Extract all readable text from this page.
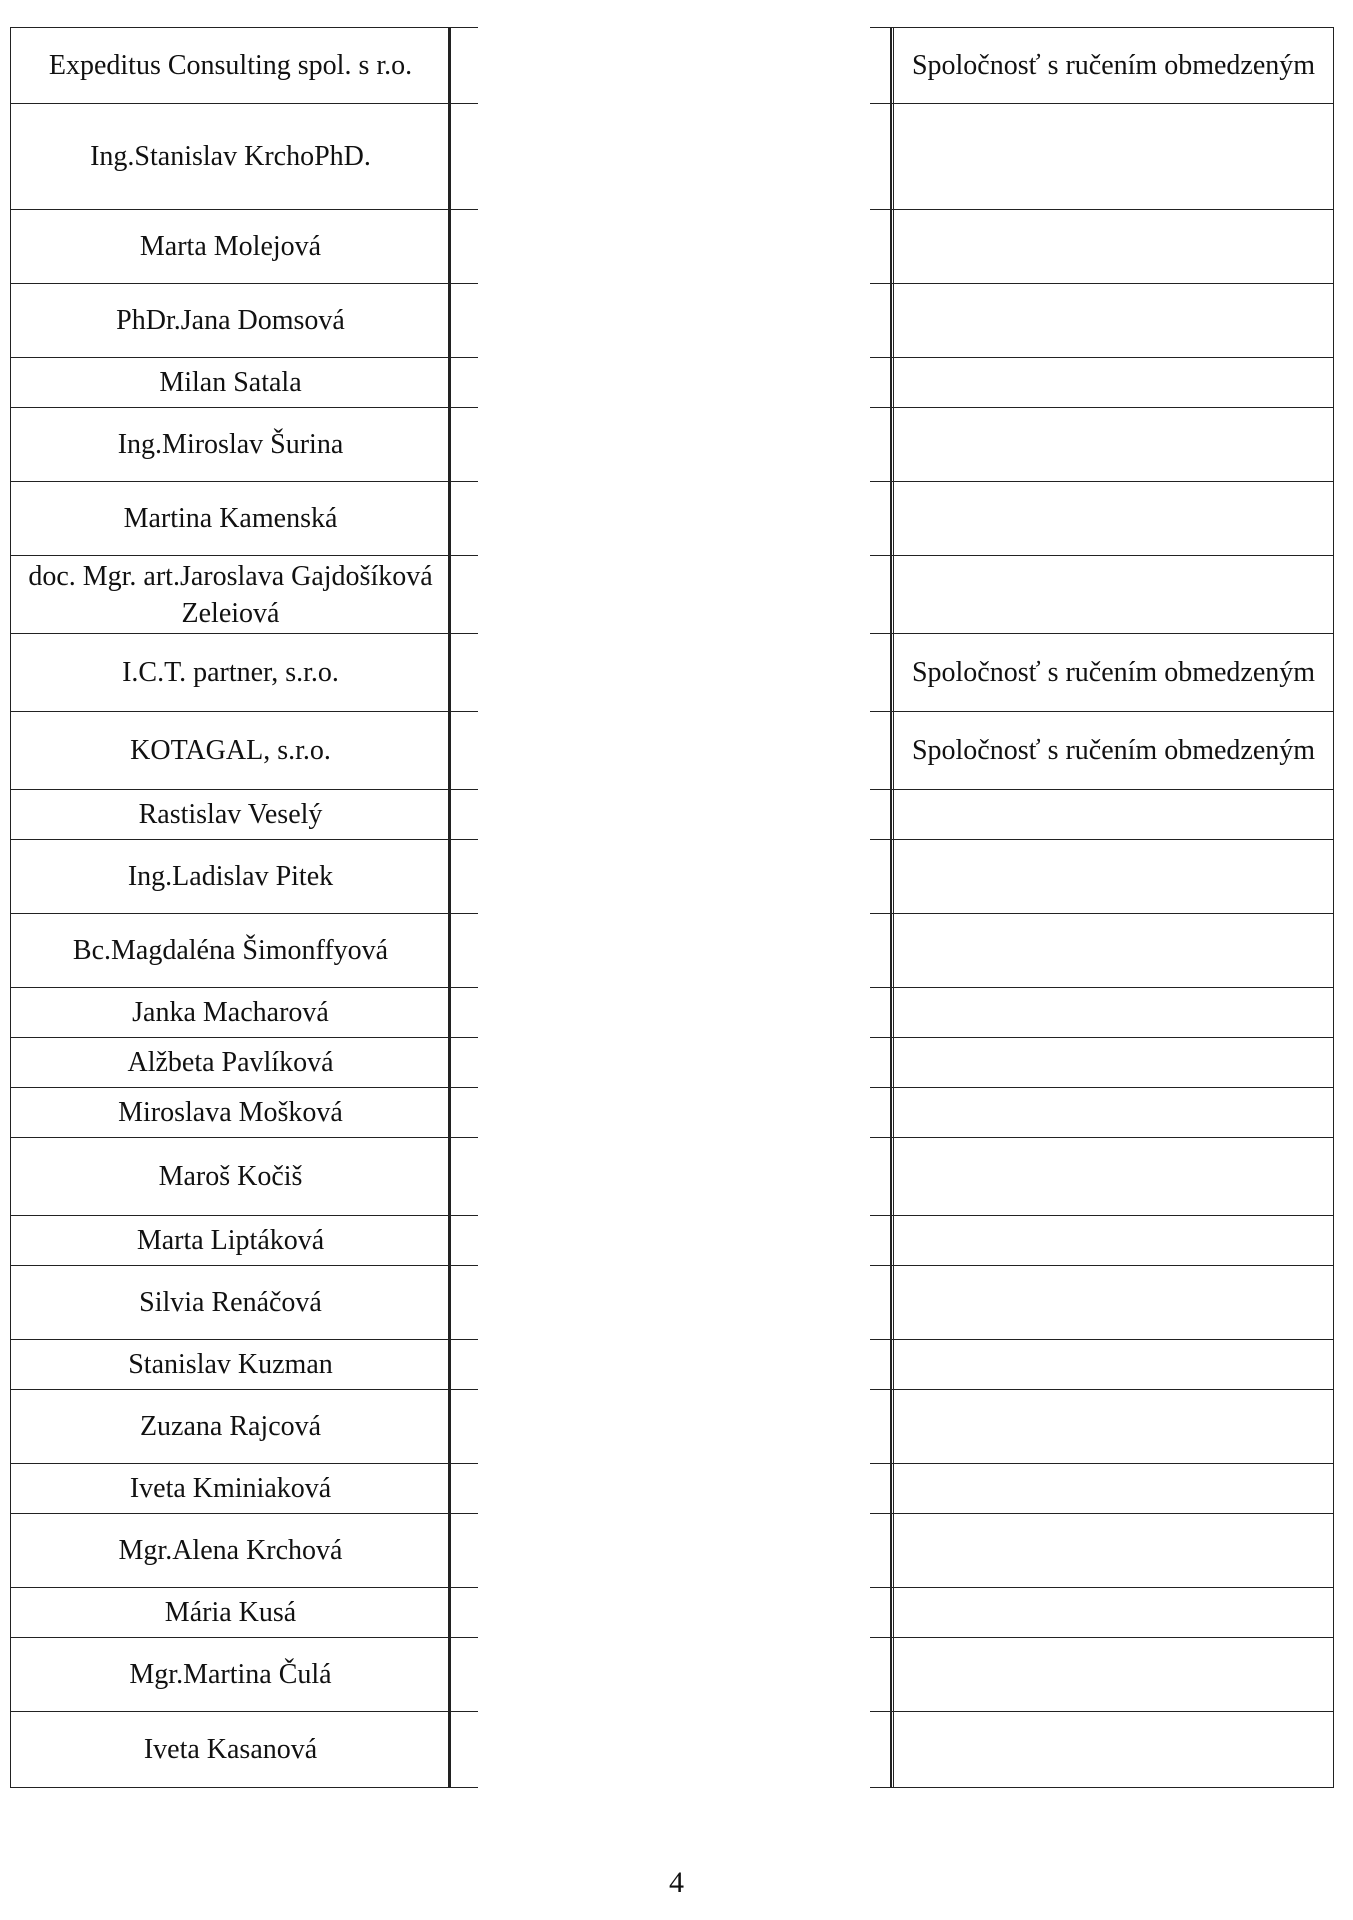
Expeditus Consulting spol. s r.o.		Spoločnosť s ručením obmedzeným
Ing.Stanislav KrchoPhD.		
Marta Molejová		
PhDr.Jana Domsová		
Milan Satala		
Ing.Miroslav Šurina		
Martina Kamenská		
doc. Mgr. art.Jaroslava Gajdošíková Zeleiová		
I.C.T. partner, s.r.o.		Spoločnosť s ručením obmedzeným
KOTAGAL, s.r.o.		Spoločnosť s ručením obmedzeným
Rastislav Veselý		
Ing.Ladislav Pitek		
Bc.Magdaléna Šimonffyová		
Janka Macharová		
Alžbeta Pavlíková		
Miroslava Mošková		
Maroš Kočiš		
Marta Liptáková		
Silvia Renáčová		
Stanislav Kuzman		
Zuzana Rajcová		
Iveta Kminiaková		
Mgr.Alena Krchová		
Mária Kusá		
Mgr.Martina Čulá		
Iveta Kasanová		
4
